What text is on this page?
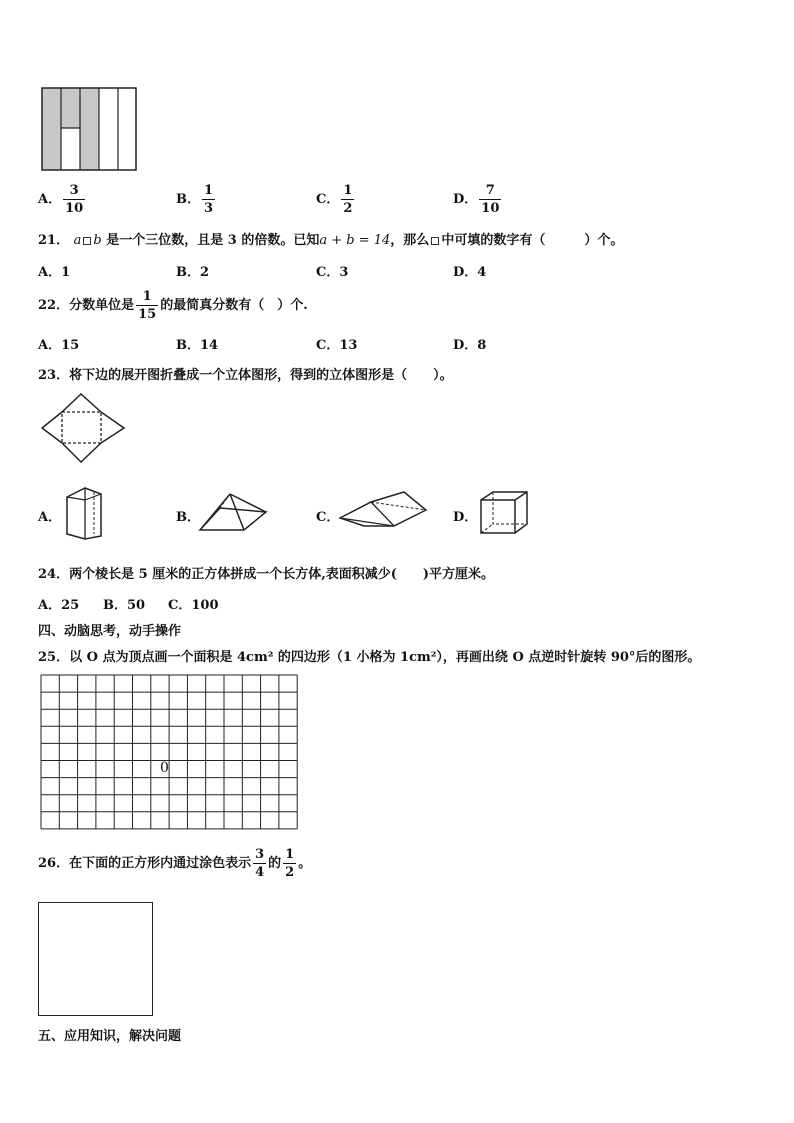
A． $\frac{3}{10}$	B． $\frac{1}{3}$	C． $\frac{1}{2}$	D． $\frac{7}{10}$
21． a b 是一个三位数，且是 3 的倍数。已知a + b = 14，那么 中可填的数字有（　　　）个。
A．1	B．2	C．3	D．4
22．分数单位是 $\frac{1}{15}$ 的最简真分数有（　）个.
A．15	B．14	C．13	D．8
23．将下边的展开图折叠成一个立体图形，得到的立体图形是（　　）。
A．	B．	C．	D．
24．两个棱长是 5 厘米的正方体拼成一个长方体,表面积减少(　　)平方厘米。
A．25 B．50 C．100
四、动脑思考，动手操作
25．以 O 点为顶点画一个面积是 4cm² 的四边形（1 小格为 1cm²），再画出绕 O 点逆时针旋转 90°后的图形。
0
26．在下面的正方形内通过涂色表示 $\frac{3}{4}$ 的 $\frac{1}{2}$ 。
五、应用知识，解决问题
